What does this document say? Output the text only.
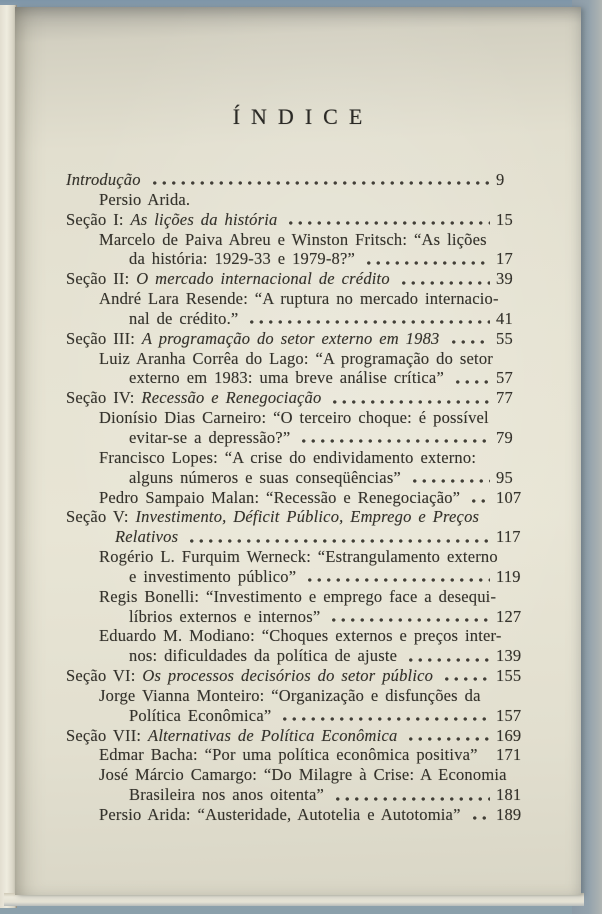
ÍNDICE
Introdução	9
Persio Arida.
Seção I: As lições da história	15
Marcelo de Paiva Abreu e Winston Fritsch: “As lições
da história: 1929-33 e 1979-8?”	17
Seção II: O mercado internacional de crédito	39
André Lara Resende: “A ruptura no mercado internacio-
nal de crédito.”	41
Seção III: A programação do setor externo em 1983	55
Luiz Aranha Corrêa do Lago: “A programação do setor
externo em 1983: uma breve análise crítica”	57
Seção IV: Recessão e Renegociação	77
Dionísio Dias Carneiro: “O terceiro choque: é possível
evitar-se a depressão?”	79
Francisco Lopes: “A crise do endividamento externo:
alguns números e suas conseqüências”	95
Pedro Sampaio Malan: “Recessão e Renegociação” 107
Seção V: Investimento, Déficit Público, Emprego e Preços
Relativos	117
Rogério L. Furquim Werneck: “Estrangulamento externo
e investimento público”	119
Regis Bonelli: “Investimento e emprego face a desequi-
líbrios externos e internos”	127
Eduardo M. Modiano: “Choques externos e preços inter-
nos: dificuldades da política de ajuste	139
Seção VI: Os processos decisórios do setor público	155
Jorge Vianna Monteiro: “Organização e disfunções da
Política Econômica”	157
Seção VII: Alternativas de Política Econômica	169
Edmar Bacha: “Por uma política econômica positiva” 171
José Márcio Camargo: “Do Milagre à Crise: A Economia
Brasileira nos anos oitenta”	181
Persio Arida: “Austeridade, Autotelia e Autotomia” 189
